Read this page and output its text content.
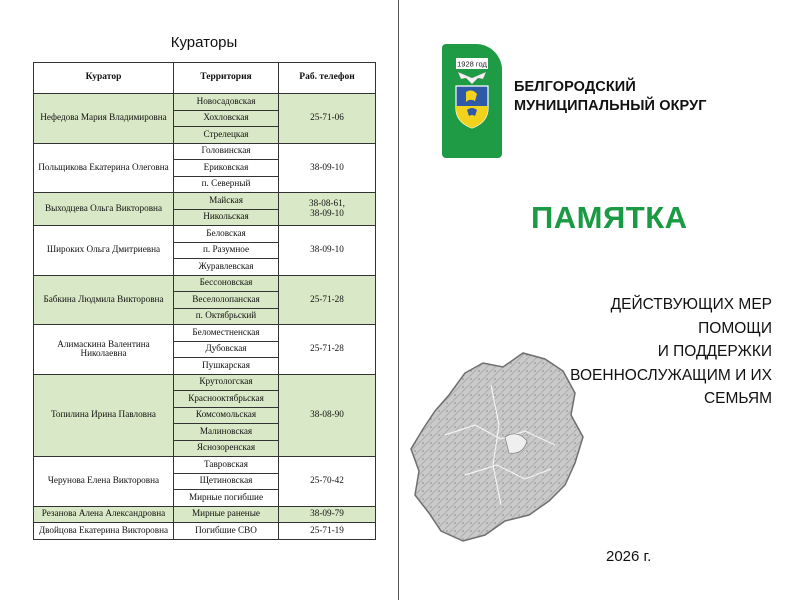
Кураторы
Куратор	Территория	Раб. телефон

Нефедова Мария Владимировна	Новосадовская	25-71-06

	Хохловская	
	Стрелецкая	

Польщикова Екатерина Олеговна	Головинская	38-09-10

	Ериковская	
	п. Северный	

Выходцева Ольга Викторовна	Майская	38-08-61,
38-09-10

	Никольская	

Широких Ольга Дмитриевна	Беловская	38-09-10

	п. Разумное	
	Журавлевская	

Бабкина Людмила Викторовна	Бессоновская	25-71-28

	Веселолопанская	
	п. Октябрьский	

Алимаскина Валентина
Николаевна	Беломестненская	25-71-28

	Дубовская	
	Пушкарская	

Топилина Ирина Павловна	Крутологская	38-08-90

	Краснооктябрьская	
	Комсомольская	
	Малиновская	
	Яснозоренская	

Черунова Елена Викторовна	Тавровская	25-70-42

	Щетиновская	
	Мирные погибшие	

Резанова Алена Александровна	Мирные раненые	38-09-79

Двойцова Екатерина Викторовна	Погибшие СВО	25-71-19
1928 год
БЕЛГОРОДСКИЙ
МУНИЦИПАЛЬНЫЙ ОКРУГ
ПАМЯТКА
ДЕЙСТВУЮЩИХ МЕР ПОМОЩИ
И ПОДДЕРЖКИ
ВОЕННОСЛУЖАЩИМ И ИХ
СЕМЬЯМ
2026 г.
